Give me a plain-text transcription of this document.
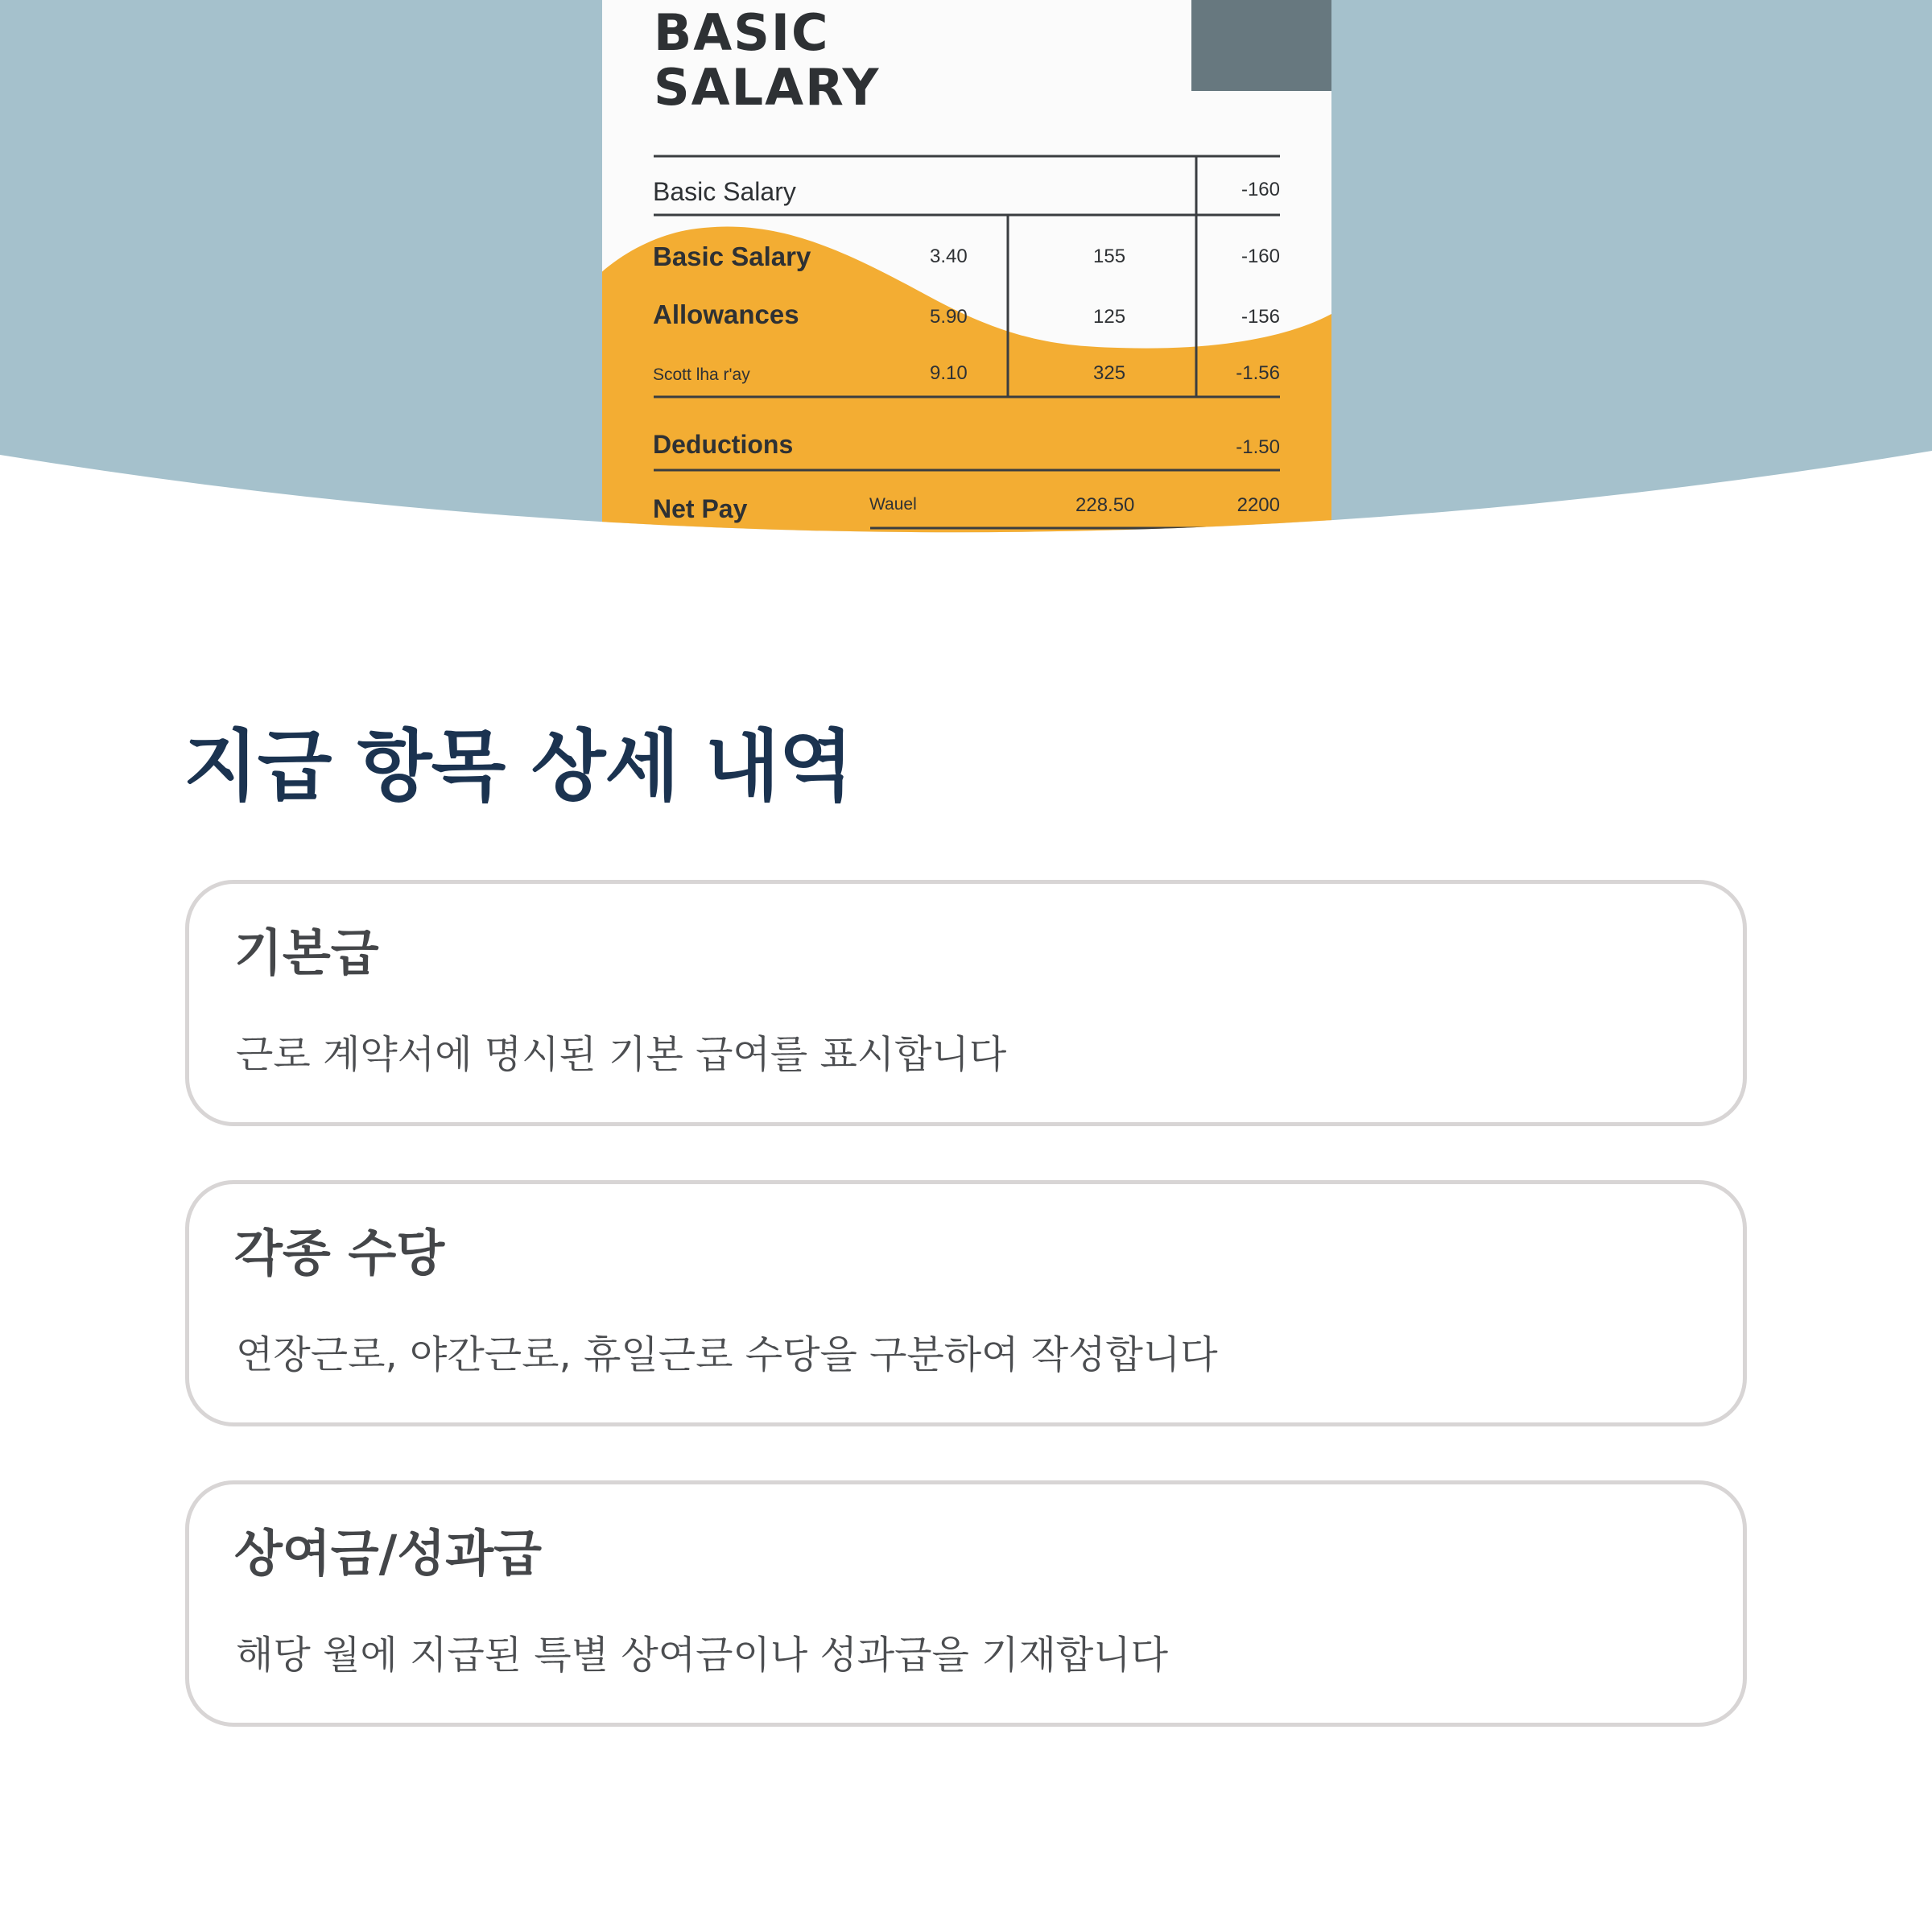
BASIC
SALARY
Basic Salary	-160
Basic Salary	3.40	155	-160
Allowances	5.90	125	-156
Scott lha r'ay	9.10	325	-1.56
Deductions	-1.50
Net Pay	Wauel	228.50	2200
지급 항목 상세 내역
기본급

근로 계약서에 명시된 기본 급여를 표시합니다

각종 수당

연장근로, 야간근로, 휴일근로 수당을 구분하여 작성합니다

상여금/성과급

해당 월에 지급된 특별 상여금이나 성과급을 기재합니다
